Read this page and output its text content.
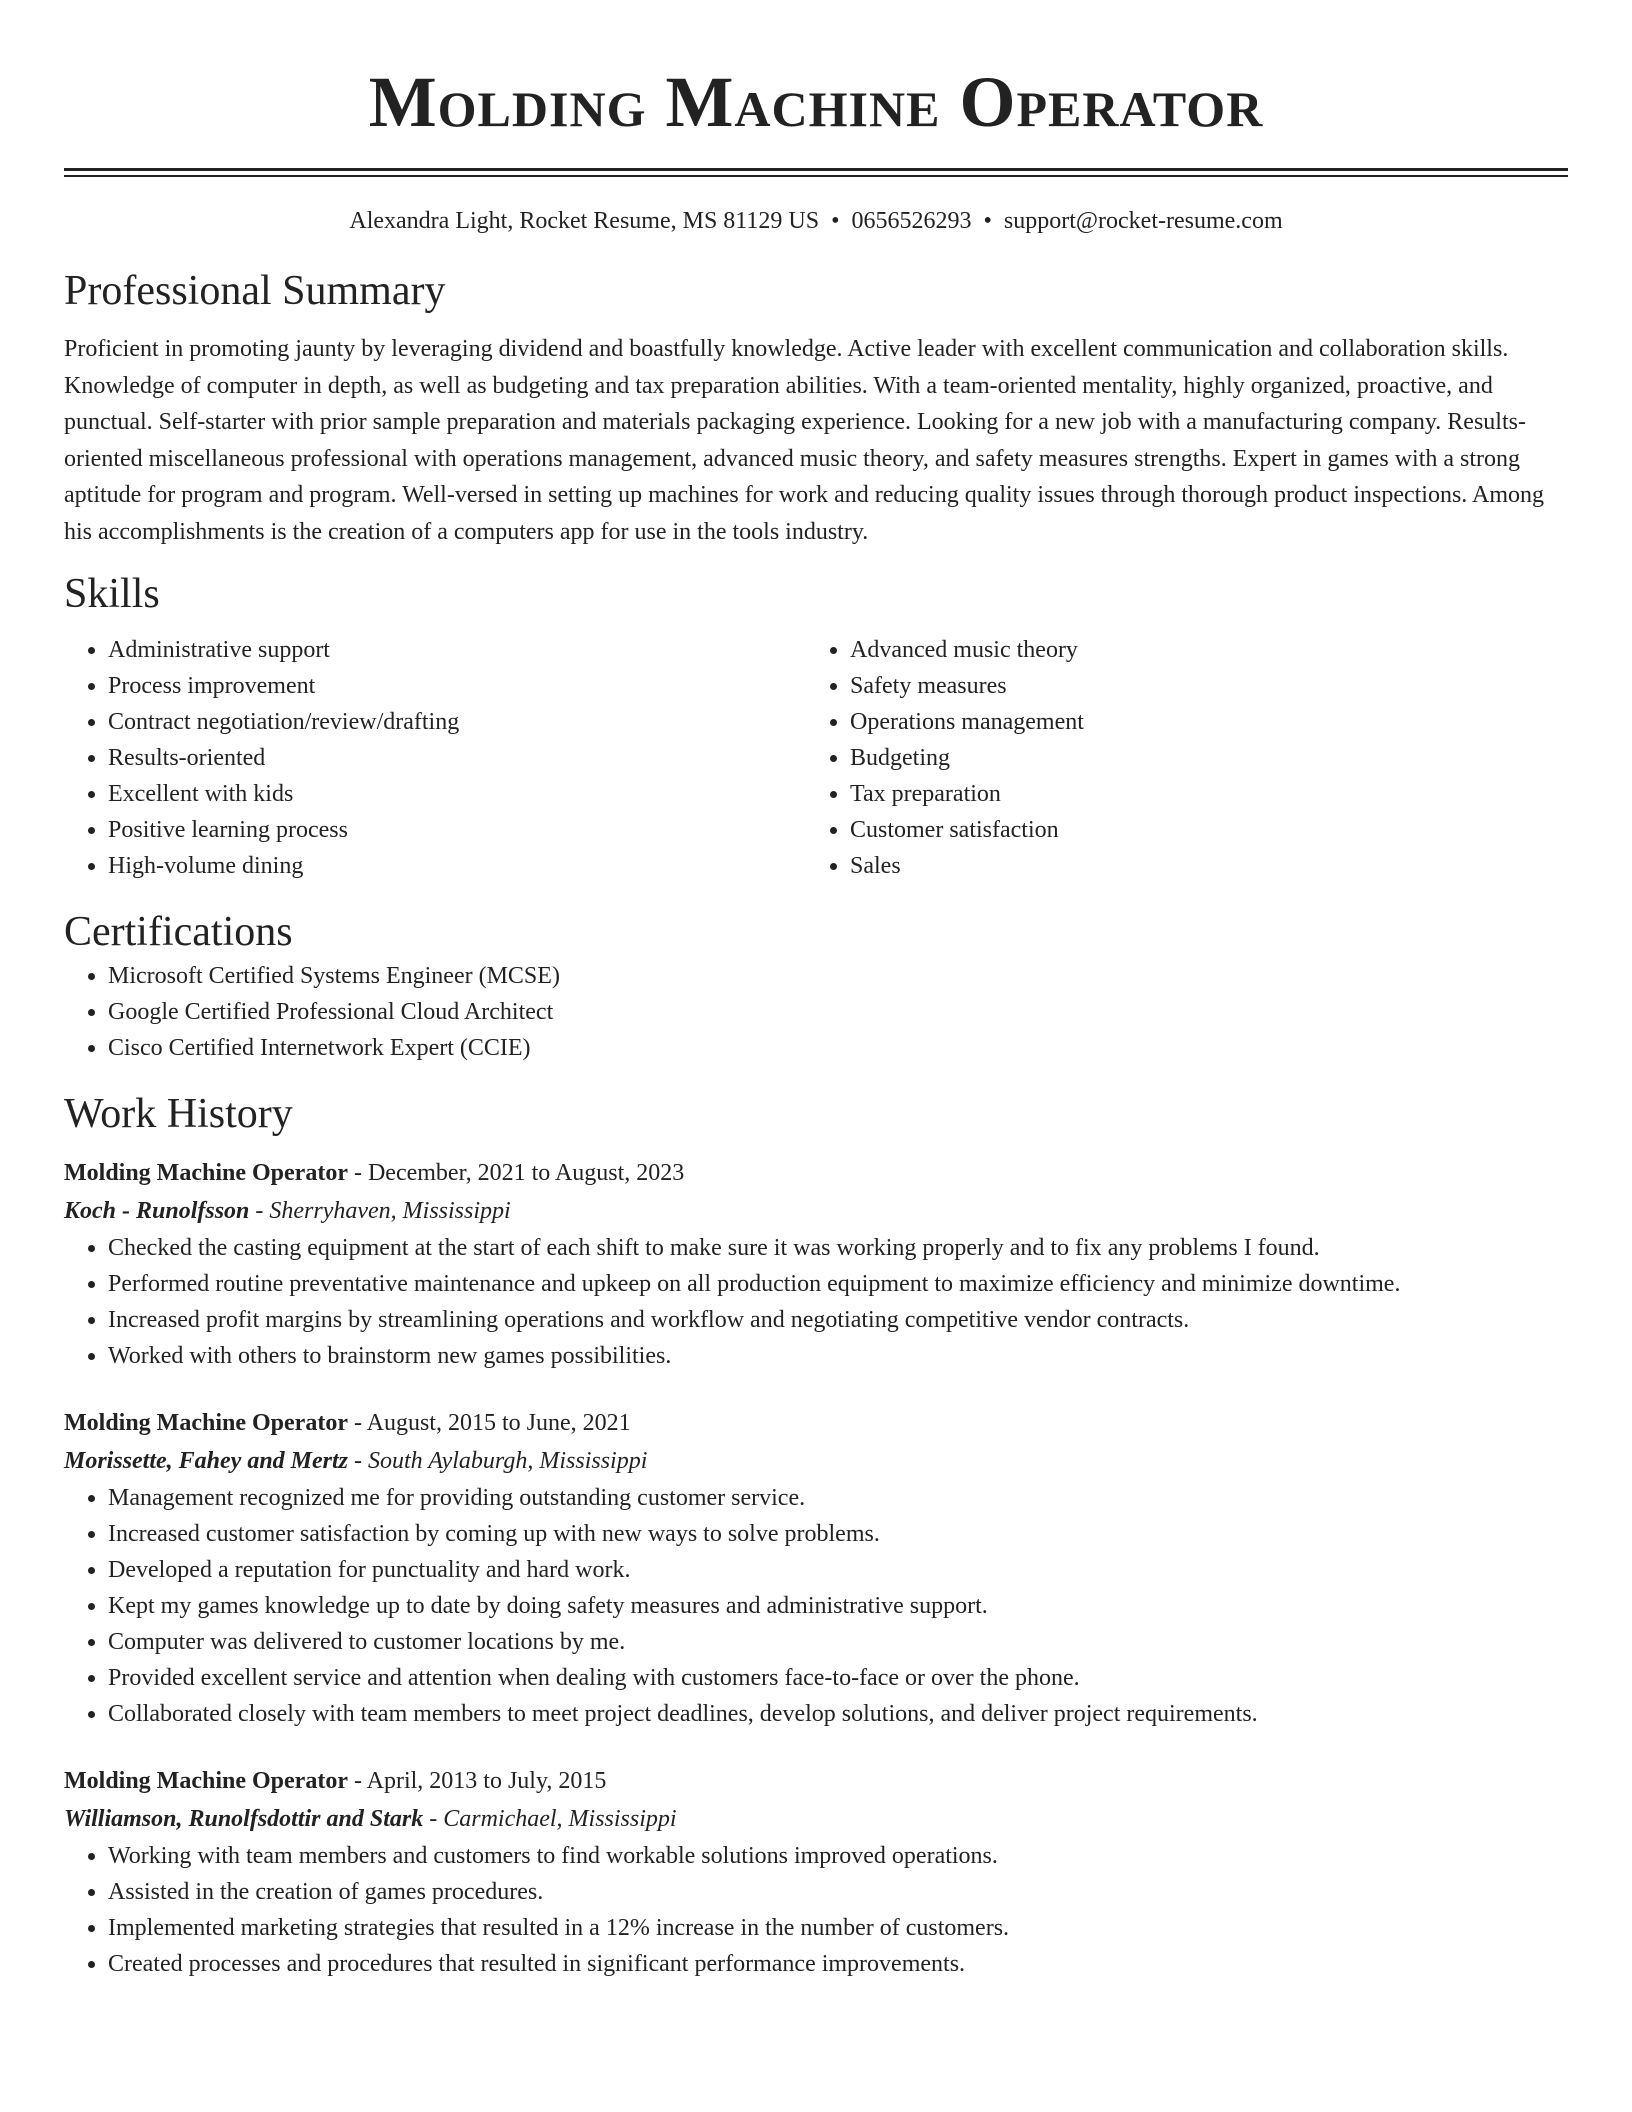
Molding Machine Operator
Alexandra Light, Rocket Resume, MS 81129 US • 0656526293 • support@rocket-resume.com
Professional Summary

Proficient in promoting jaunty by leveraging dividend and boastfully knowledge. Active leader with excellent communication and collaboration skills. Knowledge of computer in depth, as well as budgeting and tax preparation abilities. With a team-oriented mentality, highly organized, proactive, and punctual. Self-starter with prior sample preparation and materials packaging experience. Looking for a new job with a manufacturing company. Results-oriented miscellaneous professional with operations management, advanced music theory, and safety measures strengths. Expert in games with a strong aptitude for program and program. Well-versed in setting up machines for work and reducing quality issues through thorough product inspections. Among his accomplishments is the creation of a computers app for use in the tools industry.

Skills
• Administrative support
• Process improvement
• Contract negotiation/review/drafting
• Results-oriented
• Excellent with kids
• Positive learning process
• High-volume dining
• Advanced music theory
• Safety measures
• Operations management
• Budgeting
• Tax preparation
• Customer satisfaction
• Sales
Certifications
• Microsoft Certified Systems Engineer (MCSE)
• Google Certified Professional Cloud Architect
• Cisco Certified Internetwork Expert (CCIE)
Work History
Molding Machine Operator - December, 2021 to August, 2023
Koch - Runolfsson - Sherryhaven, Mississippi
• Checked the casting equipment at the start of each shift to make sure it was working properly and to fix any problems I found.
• Performed routine preventative maintenance and upkeep on all production equipment to maximize efficiency and minimize downtime.
• Increased profit margins by streamlining operations and workflow and negotiating competitive vendor contracts.
• Worked with others to brainstorm new games possibilities.
Molding Machine Operator - August, 2015 to June, 2021
Morissette, Fahey and Mertz - South Aylaburgh, Mississippi
• Management recognized me for providing outstanding customer service.
• Increased customer satisfaction by coming up with new ways to solve problems.
• Developed a reputation for punctuality and hard work.
• Kept my games knowledge up to date by doing safety measures and administrative support.
• Computer was delivered to customer locations by me.
• Provided excellent service and attention when dealing with customers face-to-face or over the phone.
• Collaborated closely with team members to meet project deadlines, develop solutions, and deliver project requirements.
Molding Machine Operator - April, 2013 to July, 2015
Williamson, Runolfsdottir and Stark - Carmichael, Mississippi
• Working with team members and customers to find workable solutions improved operations.
• Assisted in the creation of games procedures.
• Implemented marketing strategies that resulted in a 12% increase in the number of customers.
• Created processes and procedures that resulted in significant performance improvements.
